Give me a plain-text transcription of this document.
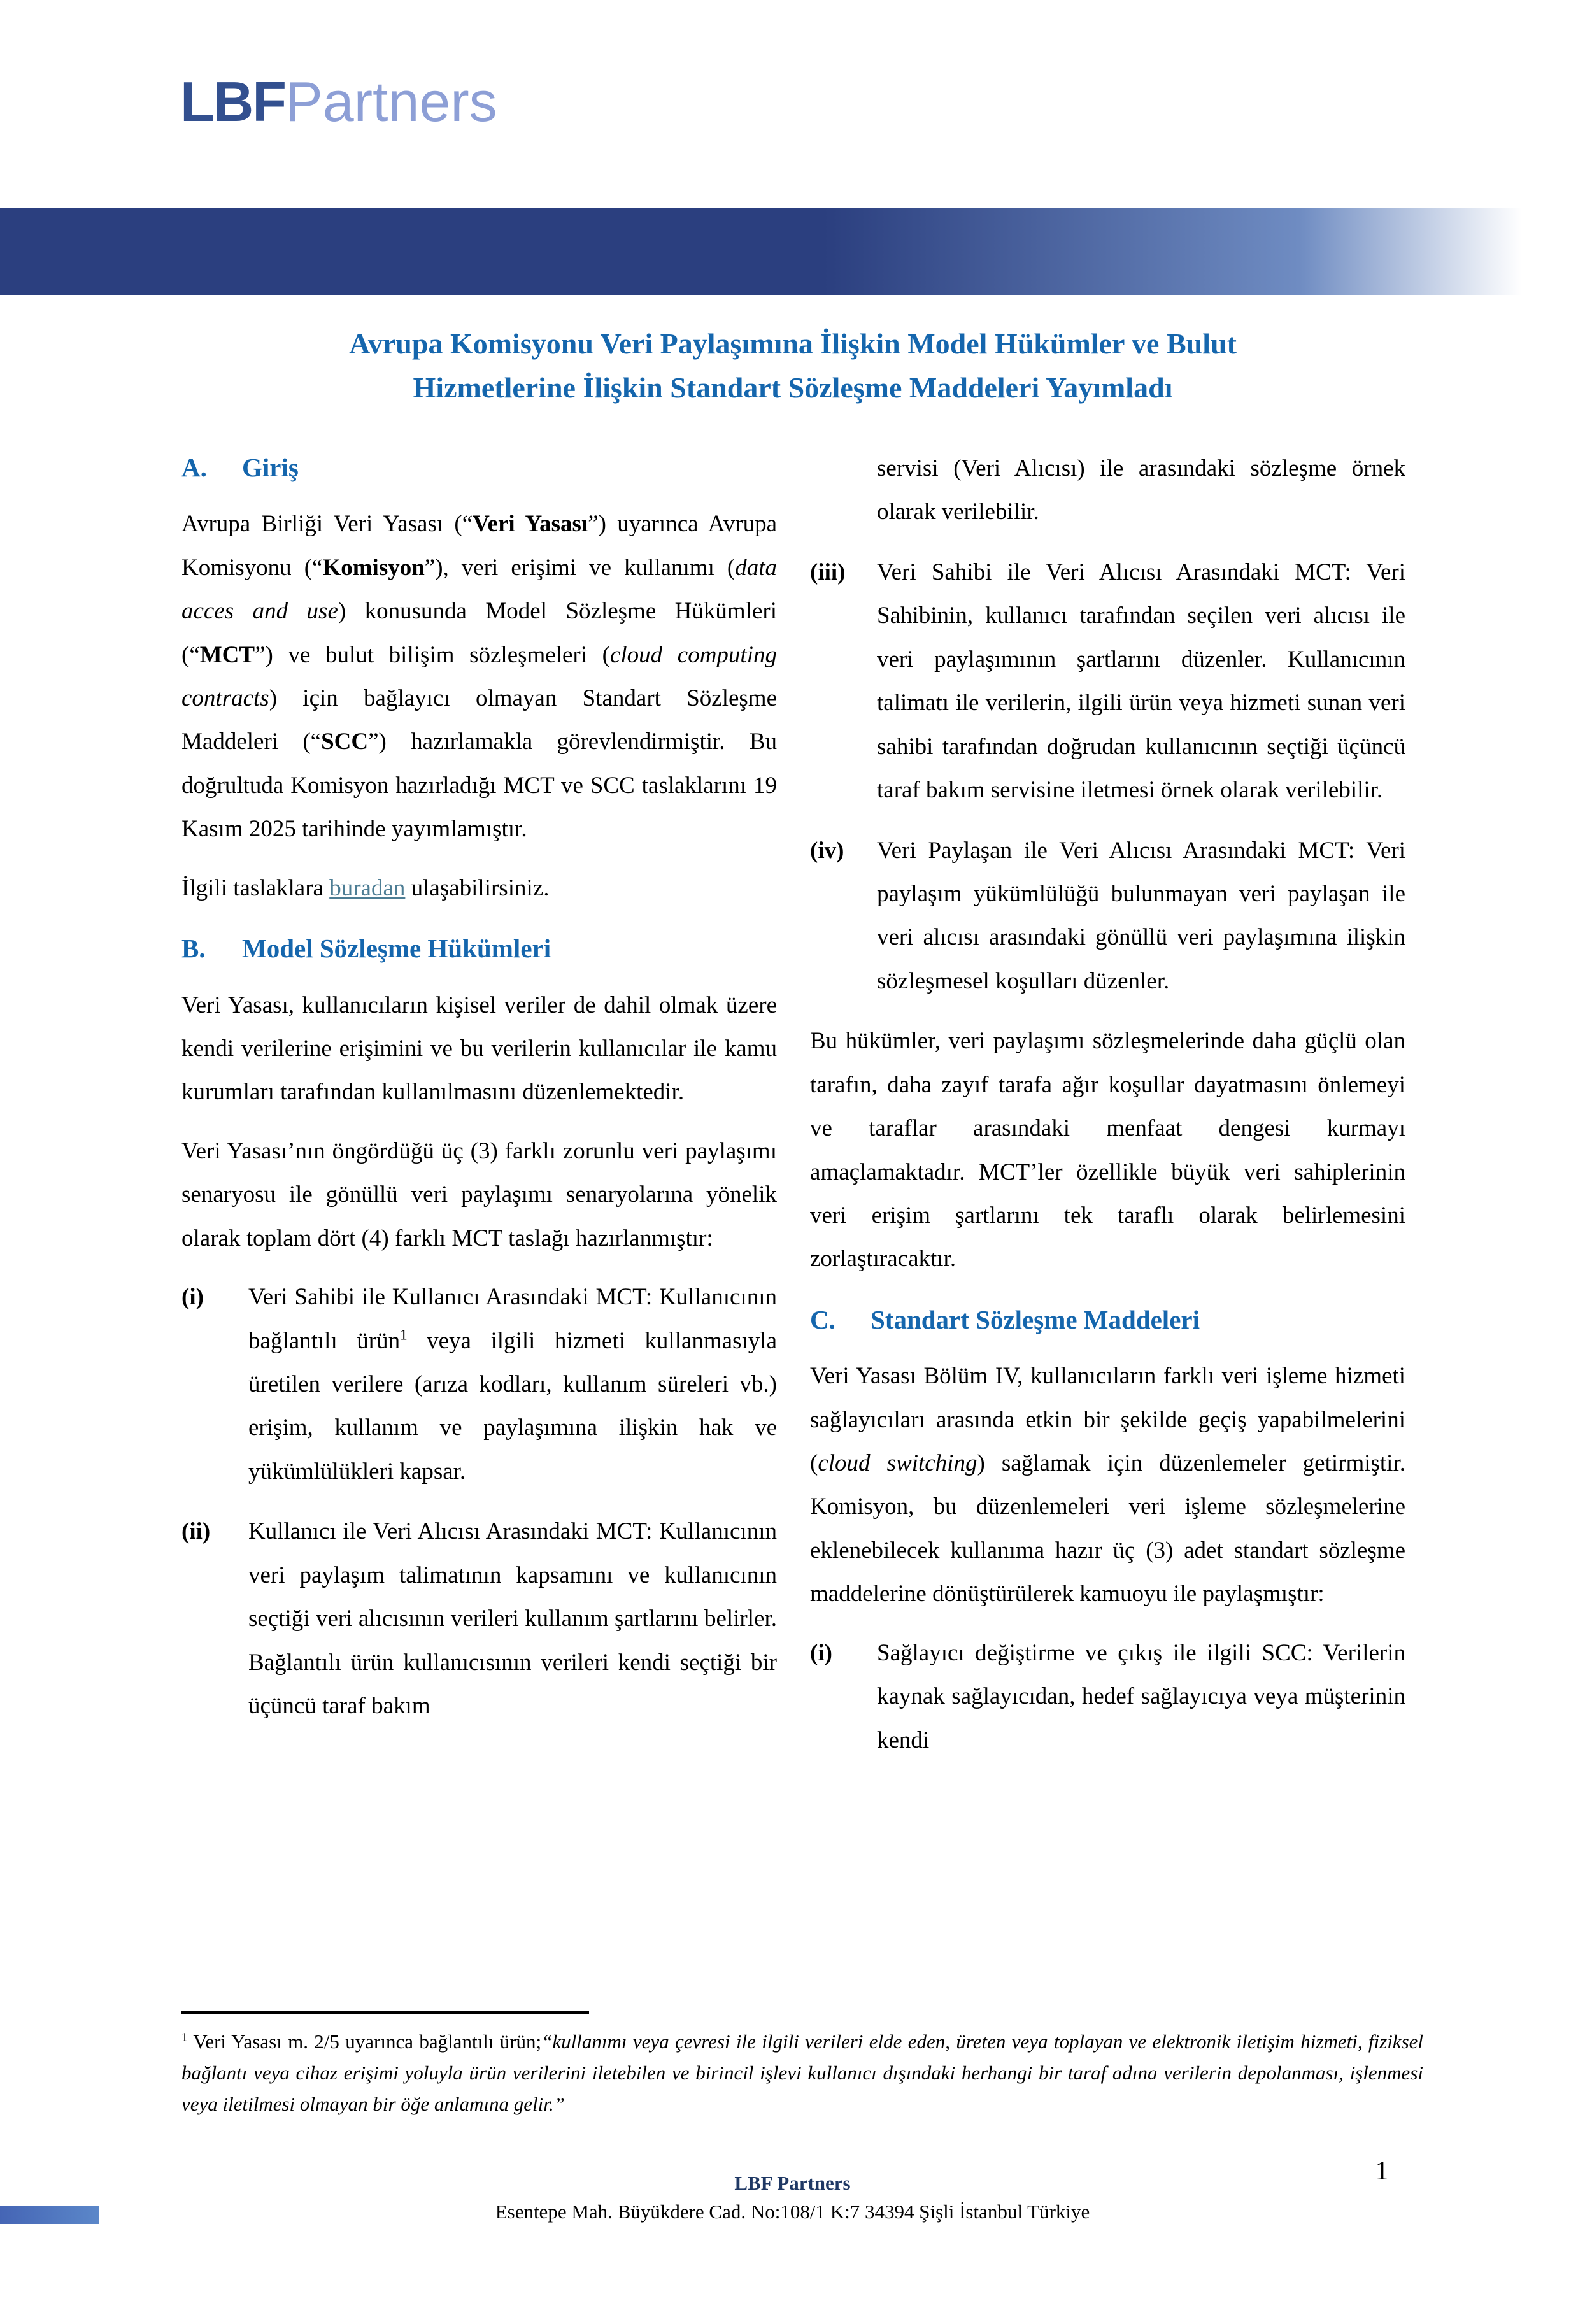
LBFPartners
Avrupa Komisyonu Veri Paylaşımına İlişkin Model Hükümler ve Bulut
Hizmetlerine İlişkin Standart Sözleşme Maddeleri Yayımladı
A. Giriş

Avrupa Birliği Veri Yasası (“Veri Yasası”) uyarınca Avrupa Komisyonu (“Komisyon”), veri erişimi ve kullanımı (data acces and use) konusunda Model Sözleşme Hükümleri (“MCT”) ve bulut bilişim sözleşmeleri (cloud computing contracts) için bağlayıcı olmayan Standart Sözleşme Maddeleri (“SCC”) hazırlamakla görevlendirmiştir. Bu doğrultuda Komisyon hazırladığı MCT ve SCC taslaklarını 19 Kasım 2025 tarihinde yayımlamıştır.

İlgili taslaklara buradan ulaşabilirsiniz.

B. Model Sözleşme Hükümleri

Veri Yasası, kullanıcıların kişisel veriler de dahil olmak üzere kendi verilerine erişimini ve bu verilerin kullanıcılar ile kamu kurumları tarafından kullanılmasını düzenlemektedir.

Veri Yasası’nın öngördüğü üç (3) farklı zorunlu veri paylaşımı senaryosu ile gönüllü veri paylaşımı senaryolarına yönelik olarak toplam dört (4) farklı MCT taslağı hazırlanmıştır:

(i)	Veri Sahibi ile Kullanıcı Arasındaki MCT: Kullanıcının bağlantılı ürün$^1$ veya ilgili hizmeti kullanmasıyla üretilen verilere (arıza kodları, kullanım süreleri vb.) erişim, kullanım ve paylaşımına ilişkin hak ve yükümlülükleri kapsar.
(ii)	Kullanıcı ile Veri Alıcısı Arasındaki MCT: Kullanıcının veri paylaşım talimatının kapsamını ve kullanıcının seçtiği veri alıcısının verileri kullanım şartlarını belirler. Bağlantılı ürün kullanıcısının verileri kendi seçtiği bir üçüncü taraf bakım
servisi (Veri Alıcısı) ile arasındaki sözleşme örnek olarak verilebilir.
(iii)	Veri Sahibi ile Veri Alıcısı Arasındaki MCT: Veri Sahibinin, kullanıcı tarafından seçilen veri alıcısı ile veri paylaşımının şartlarını düzenler. Kullanıcının talimatı ile verilerin, ilgili ürün veya hizmeti sunan veri sahibi tarafından doğrudan kullanıcının seçtiği üçüncü taraf bakım servisine iletmesi örnek olarak verilebilir.
(iv)	Veri Paylaşan ile Veri Alıcısı Arasındaki MCT: Veri paylaşım yükümlülüğü bulunmayan veri paylaşan ile veri alıcısı arasındaki gönüllü veri paylaşımına ilişkin sözleşmesel koşulları düzenler.

Bu hükümler, veri paylaşımı sözleşmelerinde daha güçlü olan tarafın, daha zayıf tarafa ağır koşullar dayatmasını önlemeyi ve taraflar arasındaki menfaat dengesi kurmayı amaçlamaktadır. MCT’ler özellikle büyük veri sahiplerinin veri erişim şartlarını tek taraflı olarak belirlemesini zorlaştıracaktır.

C. Standart Sözleşme Maddeleri

Veri Yasası Bölüm IV, kullanıcıların farklı veri işleme hizmeti sağlayıcıları arasında etkin bir şekilde geçiş yapabilmelerini (cloud switching) sağlamak için düzenlemeler getirmiştir. Komisyon, bu düzenlemeleri veri işleme sözleşmelerine eklenebilecek kullanıma hazır üç (3) adet standart sözleşme maddelerine dönüştürülerek kamuoyu ile paylaşmıştır:

(i)	Sağlayıcı değiştirme ve çıkış ile ilgili SCC: Verilerin kaynak sağlayıcıdan, hedef sağlayıcıya veya müşterinin kendi
$^1$ Veri Yasası m. 2/5 uyarınca bağlantılı ürün;“kullanımı veya çevresi ile ilgili verileri elde eden, üreten veya toplayan ve elektronik iletişim hizmeti, fiziksel bağlantı veya cihaz erişimi yoluyla ürün verilerini iletebilen ve birincil işlevi kullanıcı dışındaki herhangi bir taraf adına verilerin depolanması, işlenmesi veya iletilmesi olmayan bir öğe anlamına gelir.”
1
LBF Partners
Esentepe Mah. Büyükdere Cad. No:108/1 K:7 34394 Şişli İstanbul Türkiye
